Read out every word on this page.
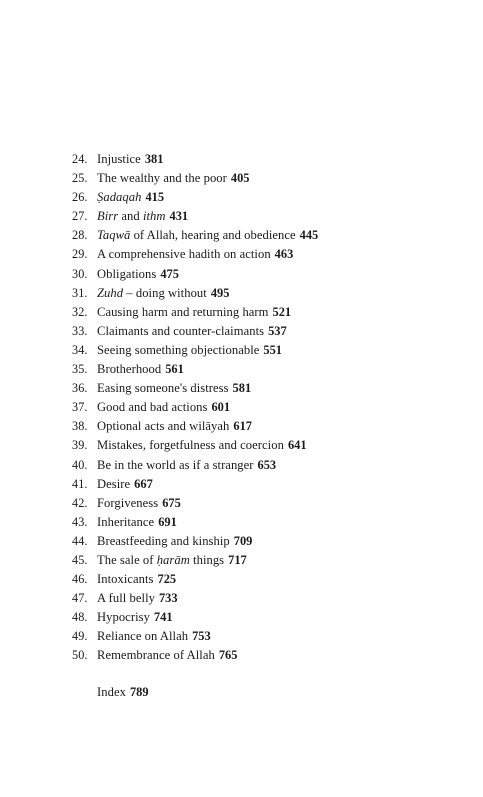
24. Injustice 381
25. The wealthy and the poor 405
26. Ṣadaqah 415
27. Birr and ithm 431
28. Taqwā of Allah, hearing and obedience 445
29. A comprehensive hadith on action 463
30. Obligations 475
31. Zuhd – doing without 495
32. Causing harm and returning harm 521
33. Claimants and counter-claimants 537
34. Seeing something objectionable 551
35. Brotherhood 561
36. Easing someone's distress 581
37. Good and bad actions 601
38. Optional acts and wilāyah 617
39. Mistakes, forgetfulness and coercion 641
40. Be in the world as if a stranger 653
41. Desire 667
42. Forgiveness 675
43. Inheritance 691
44. Breastfeeding and kinship 709
45. The sale of ḥarām things 717
46. Intoxicants 725
47. A full belly 733
48. Hypocrisy 741
49. Reliance on Allah 753
50. Remembrance of Allah 765
Index 789
